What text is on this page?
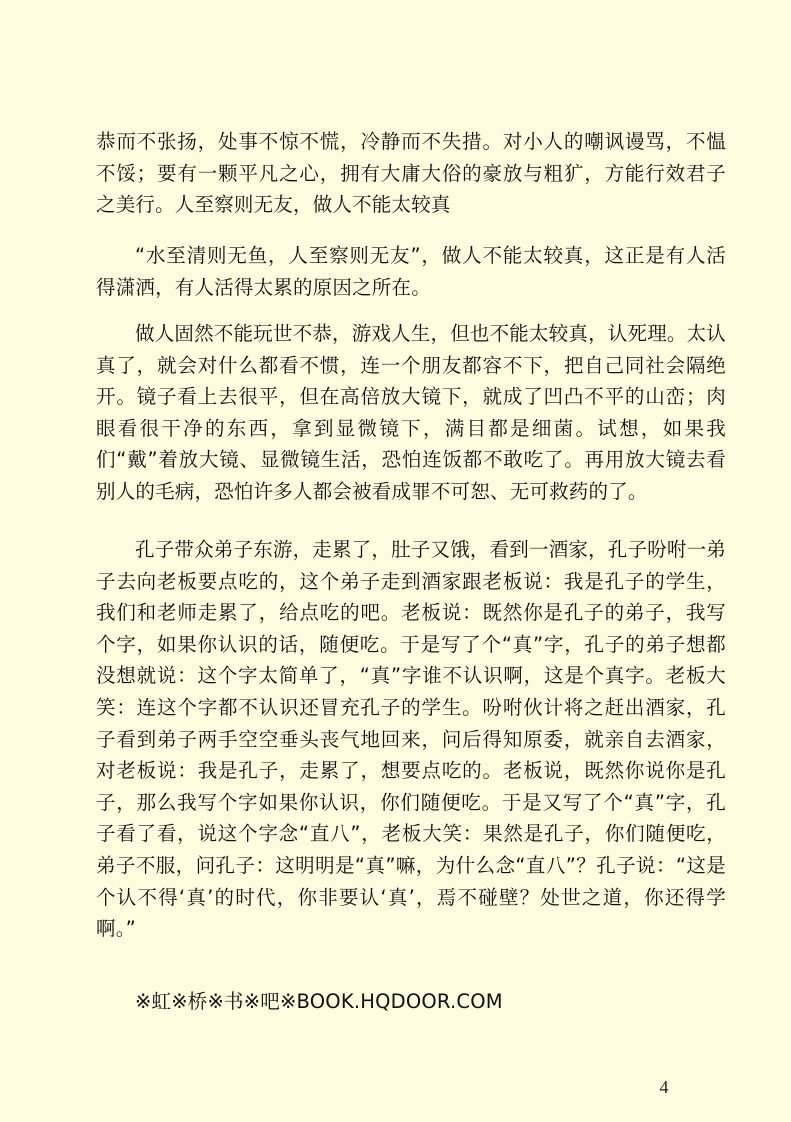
恭而不张扬，处事不惊不慌，冷静而不失措。对小人的嘲讽谩骂，不愠不馁；要有一颗平凡之心，拥有大庸大俗的豪放与粗犷，方能行效君子之美行。人至察则无友，做人不能太较真

“水至清则无鱼，人至察则无友”，做人不能太较真，这正是有人活得潇洒，有人活得太累的原因之所在。

做人固然不能玩世不恭，游戏人生，但也不能太较真，认死理。太认真了，就会对什么都看不惯，连一个朋友都容不下，把自己同社会隔绝开。镜子看上去很平，但在高倍放大镜下，就成了凹凸不平的山峦；肉眼看很干净的东西，拿到显微镜下，满目都是细菌。试想，如果我们“戴”着放大镜、显微镜生活，恐怕连饭都不敢吃了。再用放大镜去看别人的毛病，恐怕许多人都会被看成罪不可恕、无可救药的了。

孔子带众弟子东游，走累了，肚子又饿，看到一酒家，孔子吩咐一弟子去向老板要点吃的，这个弟子走到酒家跟老板说：我是孔子的学生，我们和老师走累了，给点吃的吧。老板说：既然你是孔子的弟子，我写个字，如果你认识的话，随便吃。于是写了个“真”字，孔子的弟子想都没想就说：这个字太简单了，“真”字谁不认识啊，这是个真字。老板大笑：连这个字都不认识还冒充孔子的学生。吩咐伙计将之赶出酒家，孔子看到弟子两手空空垂头丧气地回来，问后得知原委，就亲自去酒家，对老板说：我是孔子，走累了，想要点吃的。老板说，既然你说你是孔子，那么我写个字如果你认识，你们随便吃。于是又写了个“真”字，孔子看了看，说这个字念“直八”，老板大笑：果然是孔子，你们随便吃，弟子不服，问孔子：这明明是“真”嘛，为什么念“直八”？孔子说：“这是个认不得‘真’的时代，你非要认‘真’，焉不碰壁？处世之道，你还得学啊。”

※虹※桥※书※吧※BOOK.HQDOOR.COM

4
